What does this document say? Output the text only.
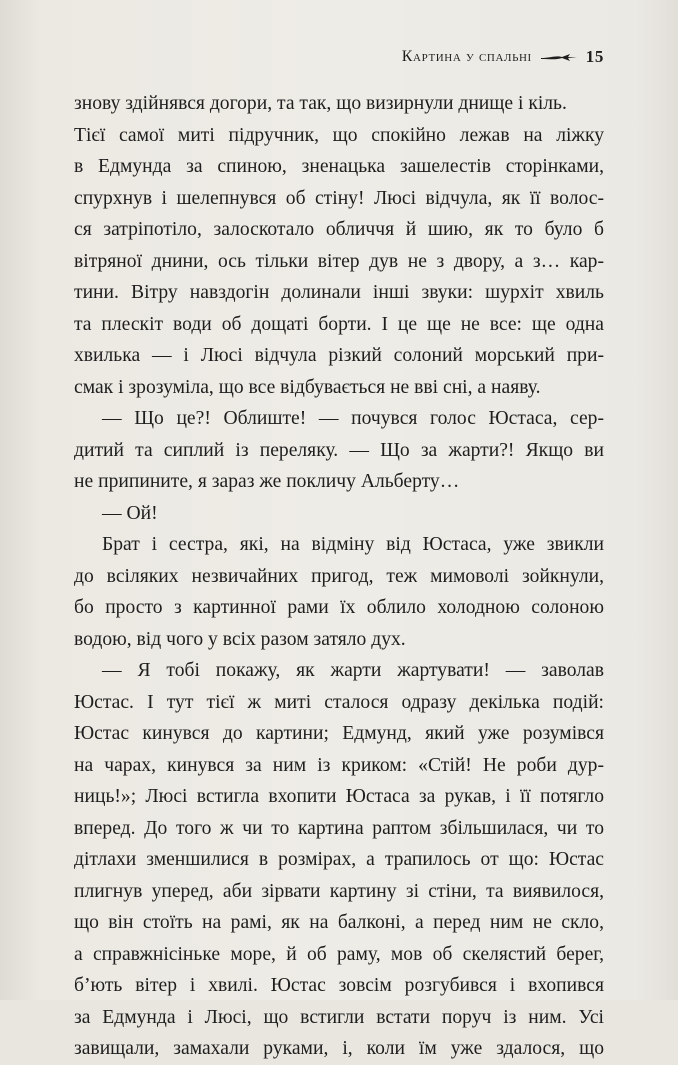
Картина у спальні	15
знову здійнявся догори, та так, що визирнули днище і кіль.
Тієї самої миті підручник, що спокійно лежав на ліжку
в Едмунда за спиною, зненацька зашелестів сторінками,
спурхнув і шелепнувся об стіну! Люсі відчула, як її волос-
ся затріпотіло, залоскотало обличчя й шию, як то було б
вітряної днини, ось тільки вітер дув не з двору, а з… кар-
тини. Вітру навздогін долинали інші звуки: шурхіт хвиль
та плескіт води об дощаті борти. І це ще не все: ще одна
хвилька — і Люсі відчула різкий солоний морський при-
смак і зрозуміла, що все відбувається не вві сні, а наяву.
— Що це?! Облиште! — почувся голос Юстаса, сер-
дитий та сиплий із переляку. — Що за жарти?! Якщо ви
не припините, я зараз же покличу Альберту…
— Ой!
Брат і сестра, які, на відміну від Юстаса, уже звикли
до всіляких незвичайних пригод, теж мимоволі зойкнули,
бо просто з картинної рами їх облило холодною солоною
водою, від чого у всіх разом затяло дух.
— Я тобі покажу, як жарти жартувати! — заволав
Юстас. І тут тієї ж миті сталося одразу декілька подій:
Юстас кинувся до картини; Едмунд, який уже розумівся
на чарах, кинувся за ним із криком: «Стій! Не роби дур-
ниць!»; Люсі встигла вхопити Юстаса за рукав, і її потягло
вперед. До того ж чи то картина раптом збільшилася, чи то
дітлахи зменшилися в розмірах, а трапилось от що: Юстас
плигнув уперед, аби зірвати картину зі стіни, та виявилося,
що він стоїть на рамі, як на балконі, а перед ним не скло,
а справжнісіньке море, й об раму, мов об скелястий берег,
б’ють вітер і хвилі. Юстас зовсім розгубився і вхопився
за Едмунда і Люсі, що встигли встати поруч із ним. Усі
завищали, замахали руками, і, коли їм уже здалося, що
